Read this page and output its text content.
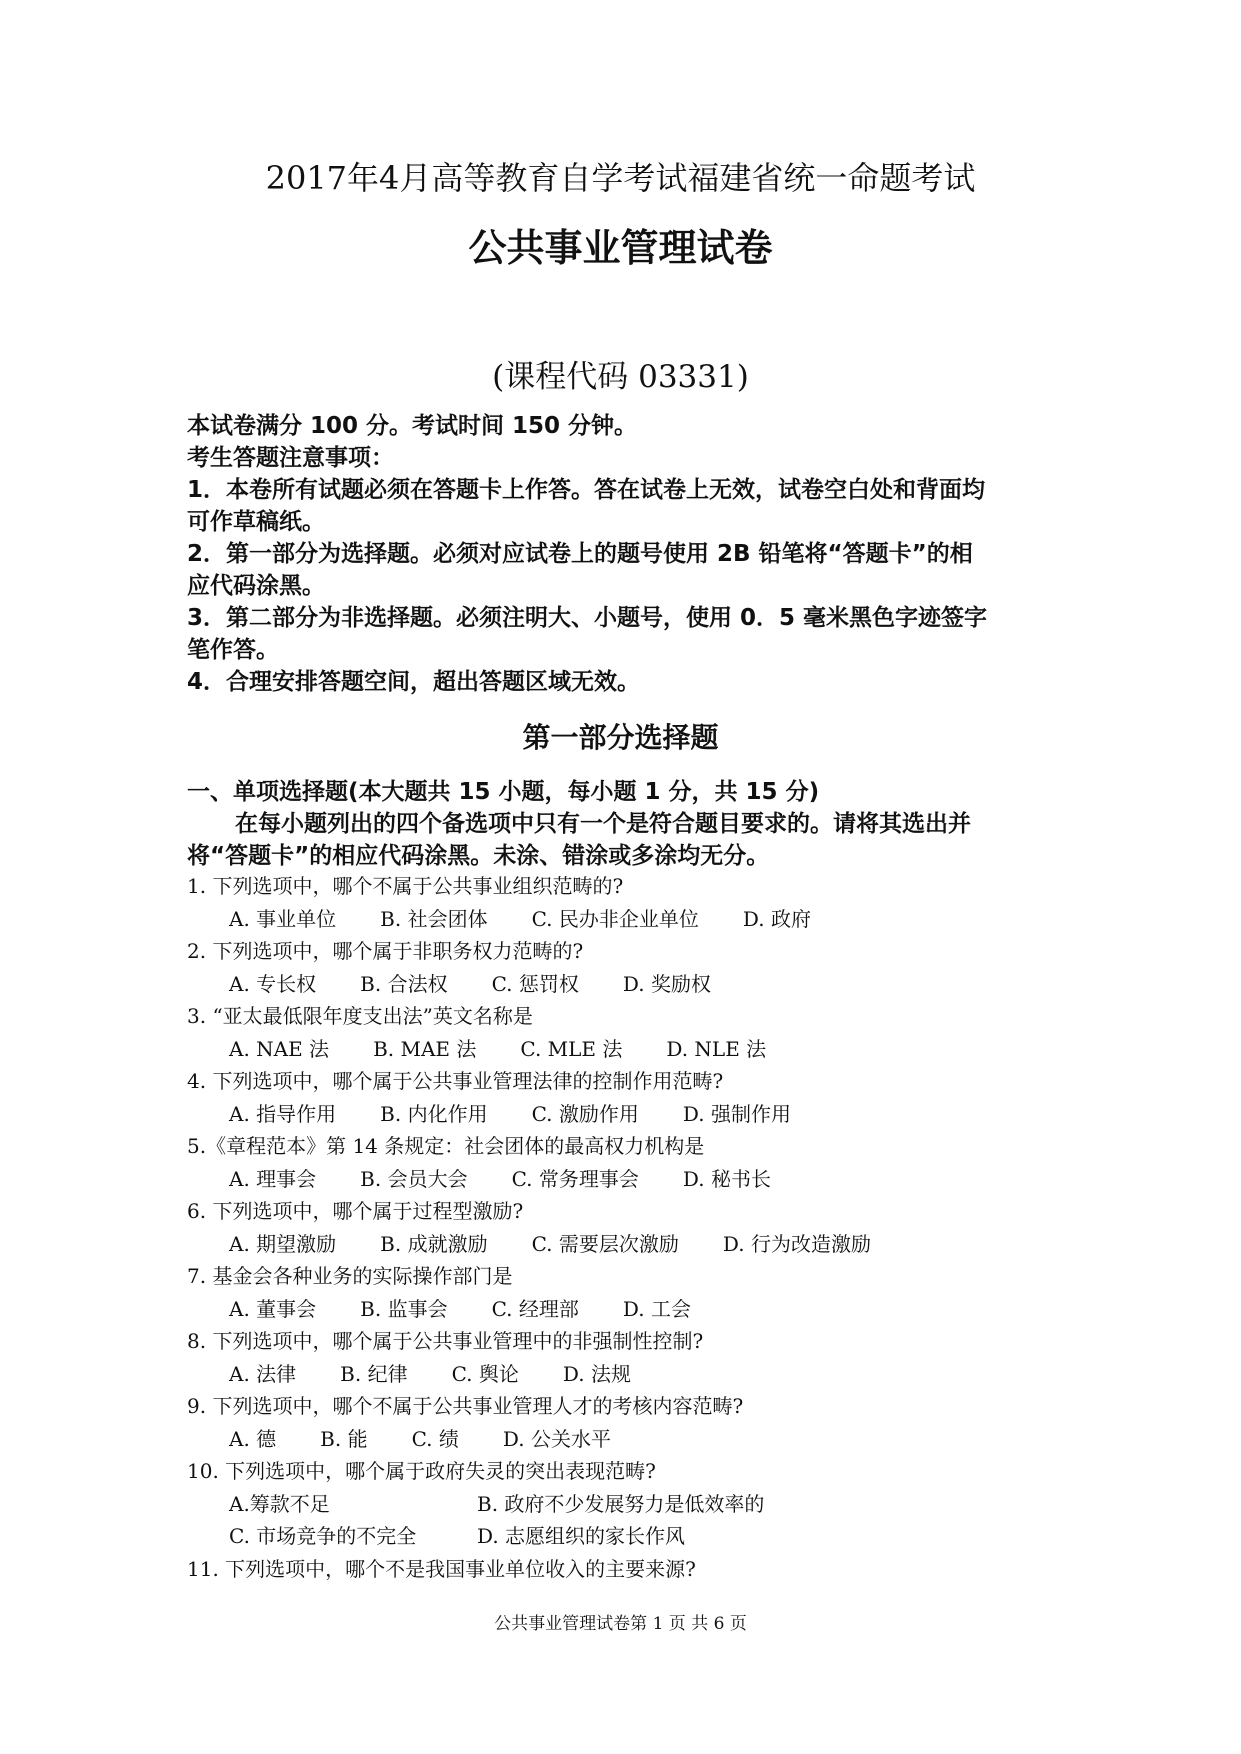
2017年4月高等教育自学考试福建省统一命题考试
公共事业管理试卷
(课程代码 03331)
本试卷满分 100 分。考试时间 150 分钟。
考生答题注意事项：
1．本卷所有试题必须在答题卡上作答。答在试卷上无效，试卷空白处和背面均
可作草稿纸。
2．第一部分为选择题。必须对应试卷上的题号使用 2B 铅笔将“答题卡”的相
应代码涂黑。
3．第二部分为非选择题。必须注明大、小题号，使用 0．5 毫米黑色字迹签字
笔作答。
4．合理安排答题空间，超出答题区域无效。
第一部分选择题
一、单项选择题(本大题共 15 小题，每小题 1 分，共 15 分)
在每小题列出的四个备选项中只有一个是符合题目要求的。请将其选出并
将“答题卡”的相应代码涂黑。未涂、错涂或多涂均无分。
1. 下列选项中，哪个不属于公共事业组织范畴的?
A. 事业单位 B. 社会团体 C. 民办非企业单位 D. 政府
2. 下列选项中，哪个属于非职务权力范畴的?
A. 专长权 B. 合法权 C. 惩罚权 D. 奖励权
3. “亚太最低限年度支出法”英文名称是
A. NAE 法 B. MAE 法 C. MLE 法 D. NLE 法
4. 下列选项中，哪个属于公共事业管理法律的控制作用范畴?
A. 指导作用 B. 内化作用 C. 激励作用 D. 强制作用
5.《章程范本》第 14 条规定：社会团体的最高权力机构是
A. 理事会 B. 会员大会 C. 常务理事会 D. 秘书长
6. 下列选项中，哪个属于过程型激励?
A. 期望激励 B. 成就激励 C. 需要层次激励 D. 行为改造激励
7. 基金会各种业务的实际操作部门是
A. 董事会 B. 监事会 C. 经理部 D. 工会
8. 下列选项中，哪个属于公共事业管理中的非强制性控制?
A. 法律 B. 纪律 C. 舆论 D. 法规
9. 下列选项中，哪个不属于公共事业管理人才的考核内容范畴?
A. 德 B. 能 C. 绩 D. 公关水平
10. 下列选项中，哪个属于政府失灵的突出表现范畴?
A.筹款不足	B. 政府不少发展努力是低效率的
C. 市场竞争的不完全	D. 志愿组织的家长作风
11. 下列选项中，哪个不是我国事业单位收入的主要来源?
公共事业管理试卷第 1 页 共 6 页
